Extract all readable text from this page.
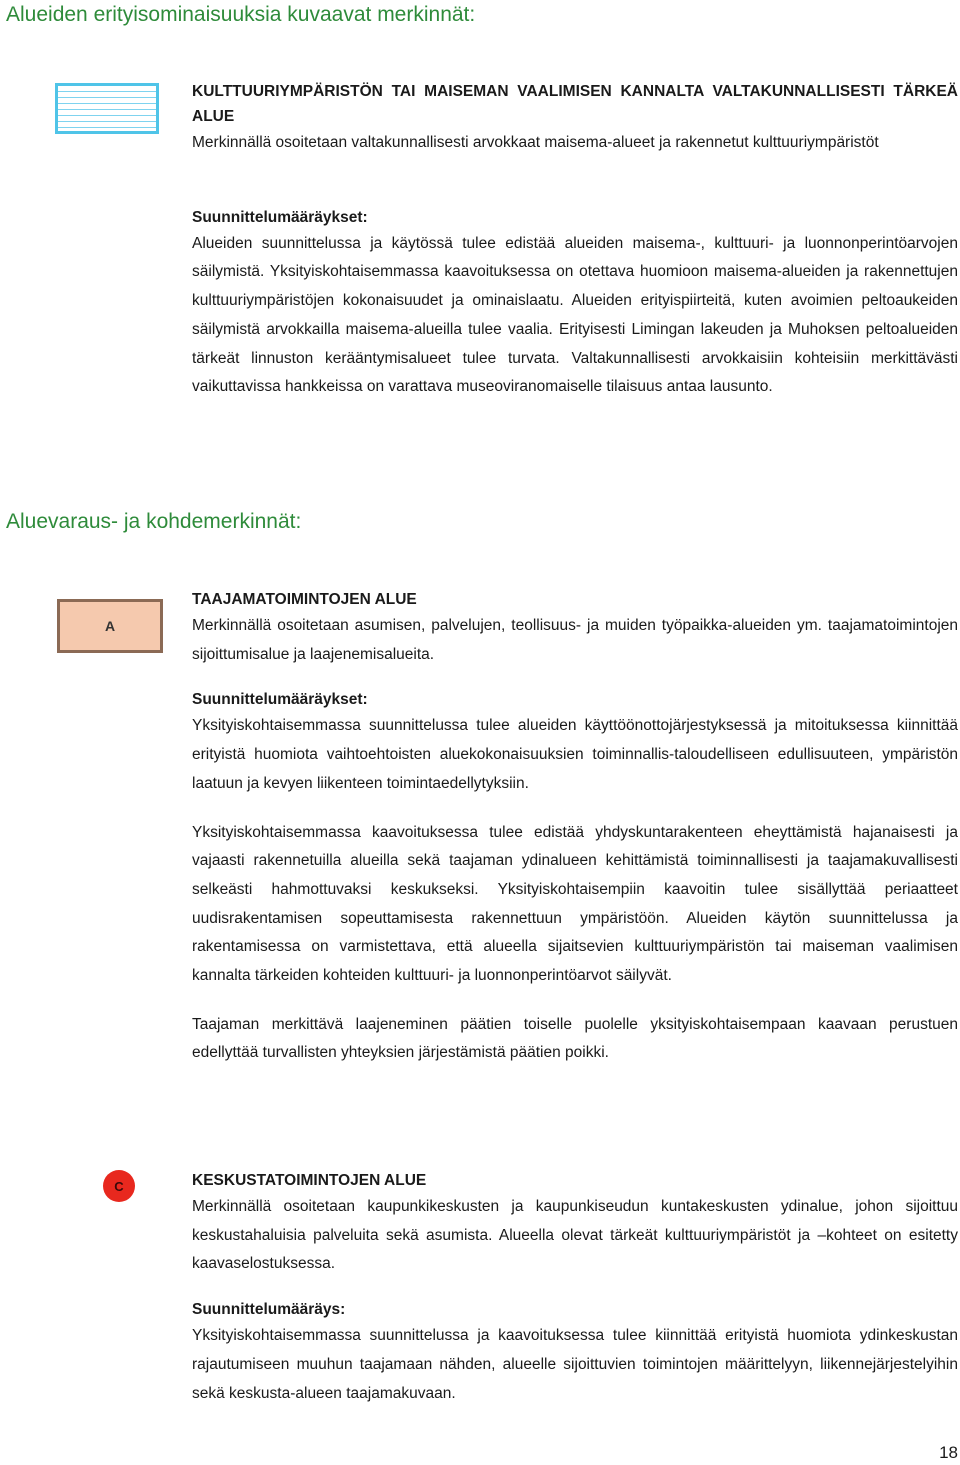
Alueiden erityisominaisuuksia kuvaavat merkinnät:

KULTTUURIYMPÄRISTÖN TAI MAISEMAN VAALIMISEN KANNALTA VALTAKUNNALLISESTI TÄRKEÄ ALUE

Merkinnällä osoitetaan valtakunnallisesti arvokkaat maisema-alueet ja rakennetut kulttuuriympäristöt

Suunnittelumääräykset:

Alueiden suunnittelussa ja käytössä tulee edistää alueiden maisema-, kulttuuri- ja luonnonperintöarvojen säilymistä. Yksityiskohtaisemmassa kaavoituksessa on otettava huomioon maisema-alueiden ja rakennettujen kulttuuriympäristöjen kokonaisuudet ja ominaislaatu. Alueiden erityispiirteitä, kuten avoimien peltoaukeiden säilymistä arvokkailla maisema-alueilla tulee vaalia. Erityisesti Limingan lakeuden ja Muhoksen peltoalueiden tärkeät linnuston kerääntymisalueet tulee turvata. Valtakunnallisesti arvokkaisiin kohteisiin merkittävästi vaikuttavissa hankkeissa on varattava museoviranomaiselle tilaisuus antaa lausunto.

Aluevaraus- ja kohdemerkinnät:
A

TAAJAMATOIMINTOJEN ALUE

Merkinnällä osoitetaan asumisen, palvelujen, teollisuus- ja muiden työpaikka-alueiden ym. taajamatoimintojen sijoittumisalue ja laajenemisalueita.

Suunnittelumääräykset:

Yksityiskohtaisemmassa suunnittelussa tulee alueiden käyttöönottojärjestyksessä ja mitoituksessa kiinnittää erityistä huomiota vaihtoehtoisten aluekokonaisuuksien toiminnallis-taloudelliseen edullisuuteen, ympäristön laatuun ja kevyen liikenteen toimintaedellytyksiin.

Yksityiskohtaisemmassa kaavoituksessa tulee edistää yhdyskuntarakenteen eheyttämistä hajanaisesti ja vajaasti rakennetuilla alueilla sekä taajaman ydinalueen kehittämistä toiminnallisesti ja taajamakuvallisesti selkeästi hahmottuvaksi keskukseksi. Yksityiskohtaisempiin kaavoitin tulee sisällyttää periaatteet uudisrakentamisen sopeuttamisesta rakennettuun ympäristöön. Alueiden käytön suunnittelussa ja rakentamisessa on varmistettava, että alueella sijaitsevien kulttuuriympäristön tai maiseman vaalimisen kannalta tärkeiden kohteiden kulttuuri- ja luonnonperintöarvot säilyvät.

Taajaman merkittävä laajeneminen päätien toiselle puolelle yksityiskohtaisempaan kaavaan perustuen edellyttää turvallisten yhteyksien järjestämistä päätien poikki.

C	KESKUSTATOIMINTOJEN ALUE

Merkinnällä osoitetaan kaupunkikeskusten ja kaupunkiseudun kuntakeskusten ydinalue, johon sijoittuu keskustahaluisia palveluita sekä asumista. Alueella olevat tärkeät kulttuuriympäristöt ja –kohteet on esitetty kaavaselostuksessa.

Suunnittelumääräys:

Yksityiskohtaisemmassa suunnittelussa ja kaavoituksessa tulee kiinnittää erityistä huomiota ydinkeskustan rajautumiseen muuhun taajamaan nähden, alueelle sijoittuvien toimintojen määrittelyyn, liikennejärjestelyihin sekä keskusta-alueen taajamakuvaan.

18
